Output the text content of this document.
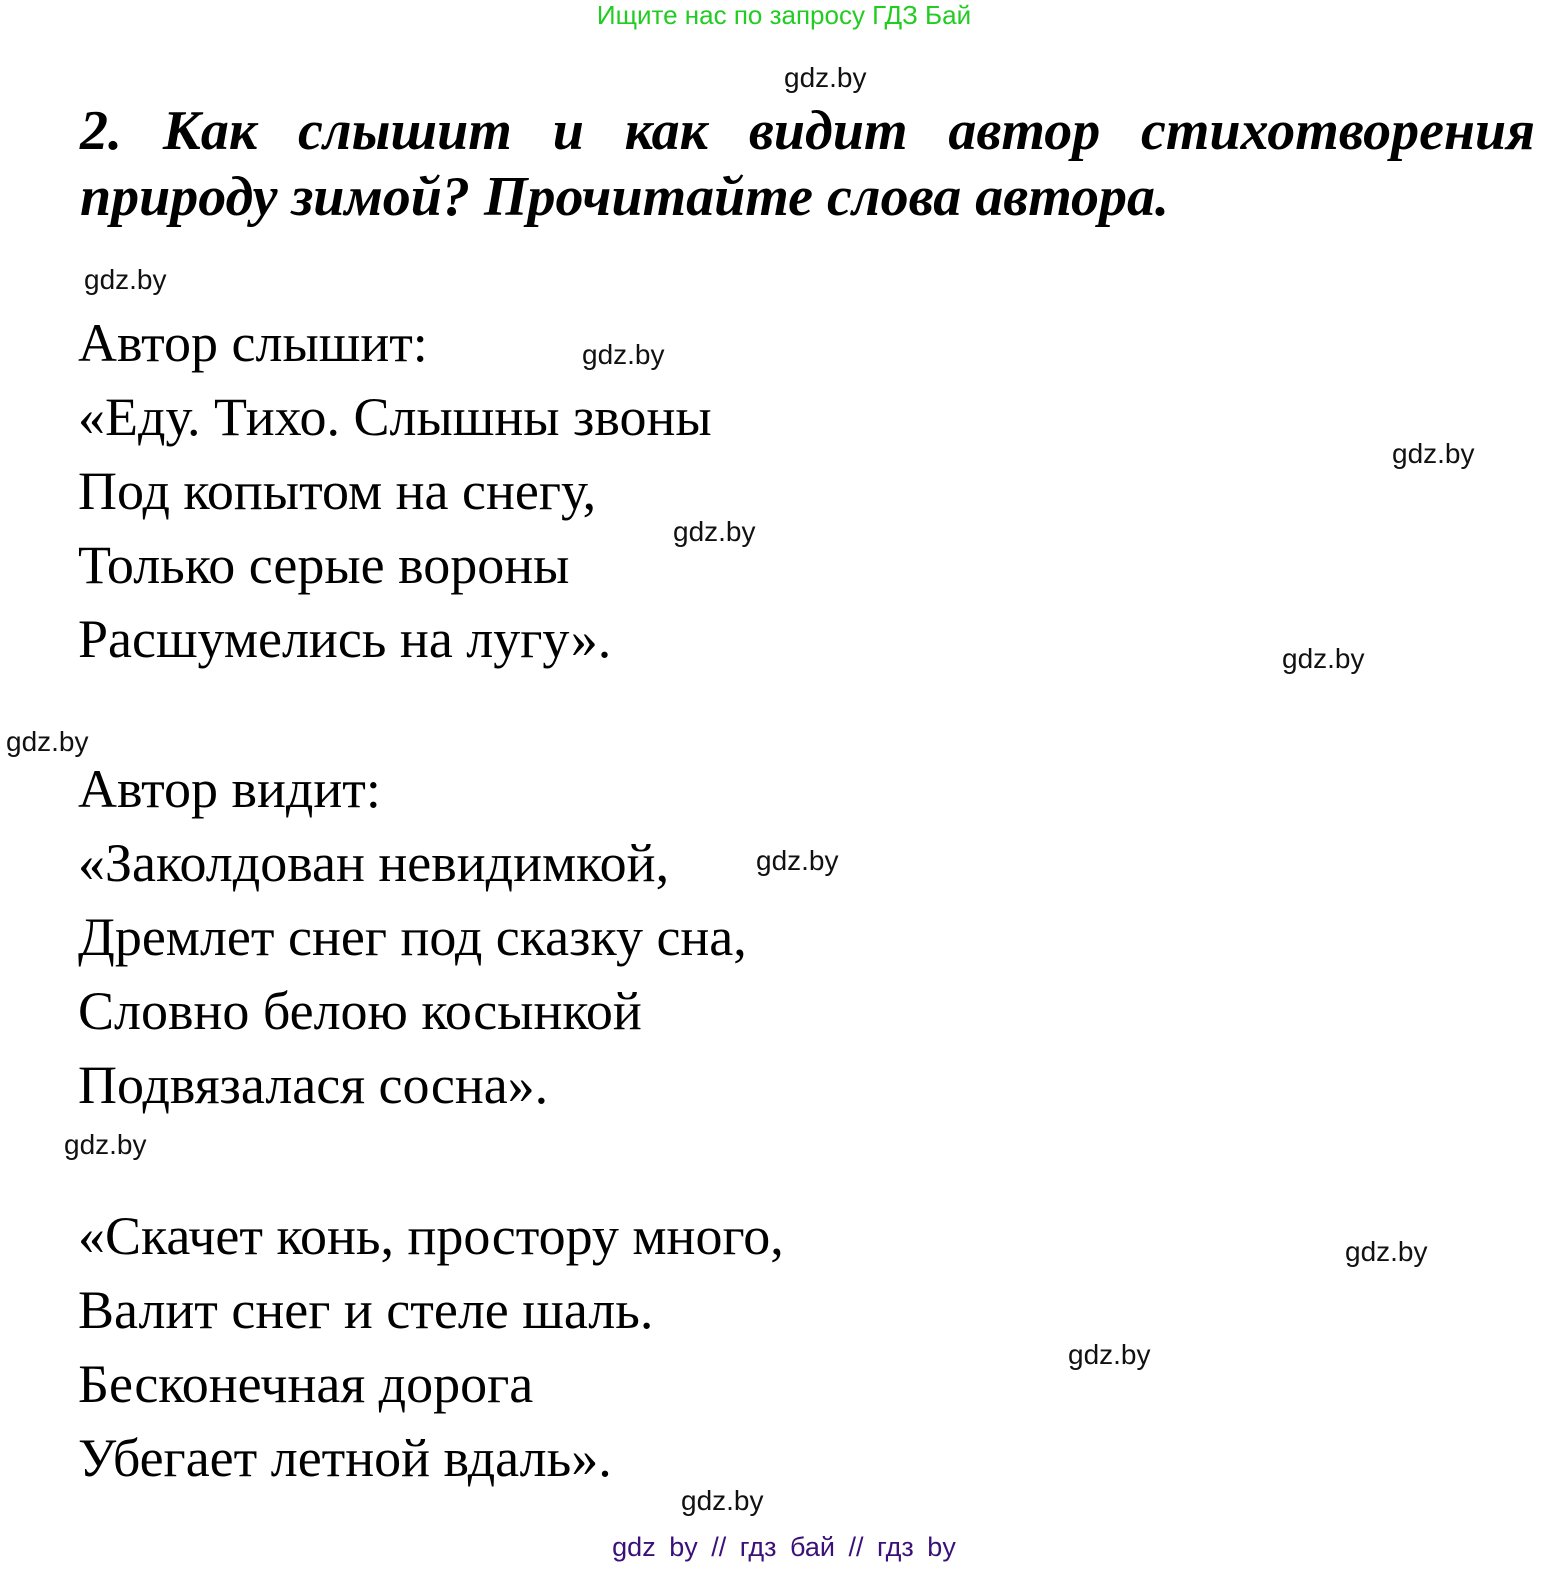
Ищите нас по запросу ГДЗ Бай
gdz.by
gdz.by
gdz.by
gdz.by
gdz.by
gdz.by
gdz.by
gdz.by
gdz.by
gdz.by
gdz.by
gdz.by
2. Как слышит и как видит автор стихотворения
природу зимой? Прочитайте слова автора.
Автор слышит:
«Еду. Тихо. Слышны звоны
Под копытом на снегу,
Только серые вороны
Расшумелись на лугу».
Автор видит:
«Заколдован невидимкой,
Дремлет снег под сказку сна,
Словно белою косынкой
Подвязалася сосна».
«Скачет конь, простору много,
Валит снег и стеле шаль.
Бесконечная дорога
Убегает летной вдаль».
gdz by // гдз бай // гдз by
